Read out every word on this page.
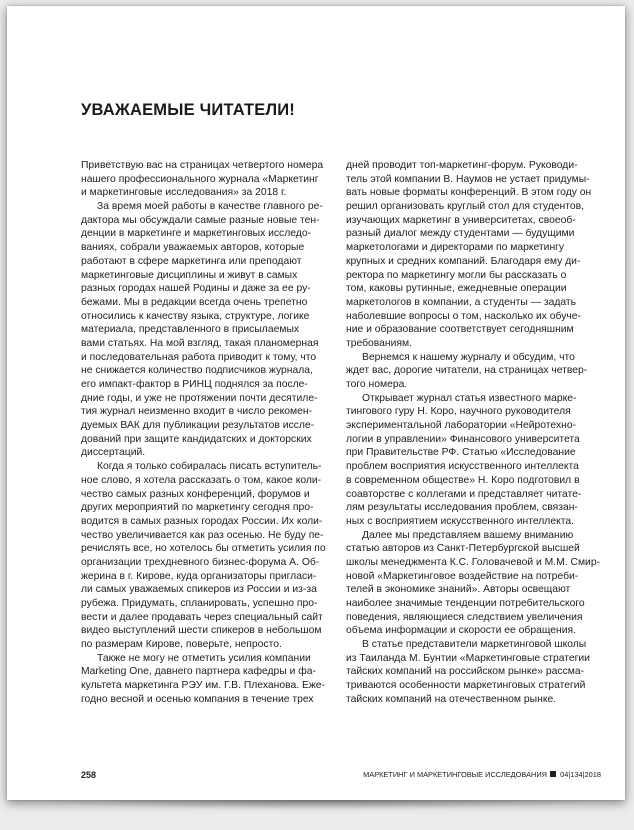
УВАЖАЕМЫЕ ЧИТАТЕЛИ!
Приветствую вас на страницах четвертого номера
нашего профессионального журнала «Маркетинг
и маркетинговые исследования» за 2018 г.
За время моей работы в качестве главного ре-
дактора мы обсуждали самые разные новые тен-
денции в маркетинге и маркетинговых исследо-
ваниях, собрали уважаемых авторов, которые
работают в сфере маркетинга или преподают
маркетинговые дисциплины и живут в самых
разных городах нашей Родины и даже за ее ру-
бежами. Мы в редакции всегда очень трепетно
относились к качеству языка, структуре, логике
материала, представленного в присылаемых
вами статьях. На мой взгляд, такая планомерная
и последовательная работа приводит к тому, что
не снижается количество подписчиков журнала,
его импакт-фактор в РИНЦ поднялся за после-
дние годы, и уже не протяжении почти десятиле-
тия журнал неизменно входит в число рекомен-
дуемых ВАК для публикации результатов иссле-
дований при защите кандидатских и докторских
диссертаций.
Когда я только собиралась писать вступитель-
ное слово, я хотела рассказать о том, какое коли-
чество самых разных конференций, форумов и
других мероприятий по маркетингу сегодня про-
водится в самых разных городах России. Их коли-
чество увеличивается как раз осенью. Не буду пе-
речислять все, но хотелось бы отметить усилия по
организации трехдневного бизнес-форума А. Об-
жерина в г. Кирове, куда организаторы пригласи-
ли самых уважаемых спикеров из России и из-за
рубежа. Придумать, спланировать, успешно про-
вести и далее продавать через специальный сайт
видео выступлений шести спикеров в небольшом
по размерам Кирове, поверьте, непросто.
Также не могу не отметить усилия компании
Marketing One, давнего партнера кафедры и фа-
культета маркетинга РЭУ им. Г.В. Плеханова. Еже-
годно весной и осенью компания в течение трех
дней проводит топ-маркетинг-форум. Руководи-
тель этой компании В. Наумов не устает придумы-
вать новые форматы конференций. В этом году он
решил организовать круглый стол для студентов,
изучающих маркетинг в университетах, своеоб-
разный диалог между студентами — будущими
маркетологами и директорами по маркетингу
крупных и средних компаний. Благодаря ему ди-
ректора по маркетингу могли бы рассказать о
том, каковы рутинные, ежедневные операции
маркетологов в компании, а студенты — задать
наболевшие вопросы о том, насколько их обуче-
ние и образование соответствует сегодняшним
требованиям.
Вернемся к нашему журналу и обсудим, что
ждет вас, дорогие читатели, на страницах четвер-
того номера.
Открывает журнал статья известного марке-
тингового гуру Н. Коро, научного руководителя
экспериментальной лаборатории «Нейротехно-
логии в управлении» Финансового университета
при Правительстве РФ. Статью «Исследование
проблем восприятия искусственного интеллекта
в современном обществе» Н. Коро подготовил в
соавторстве с коллегами и представляет читате-
лям результаты исследования проблем, связан-
ных с восприятием искусственного интеллекта.
Далее мы представляем вашему вниманию
статью авторов из Санкт-Петербургской высшей
школы менеджмента К.С. Головачевой и М.М. Смир-
новой «Маркетинговое воздействие на потреби-
телей в экономике знаний». Авторы освещают
наиболее значимые тенденции потребительского
поведения, являющиеся следствием увеличения
объема информации и скорости ее обращения.
В статье представители маркетинговой школы
из Таиланда М. Бунтии «Маркетинговые стратегии
тайских компаний на российском рынке» рассма-
триваются особенности маркетинговых стратегий
тайских компаний на отечественном рынке.
258	МАРКЕТИНГ И МАРКЕТИНГОВЫЕ ИССЛЕДОВАНИЯ 04|134|2018
